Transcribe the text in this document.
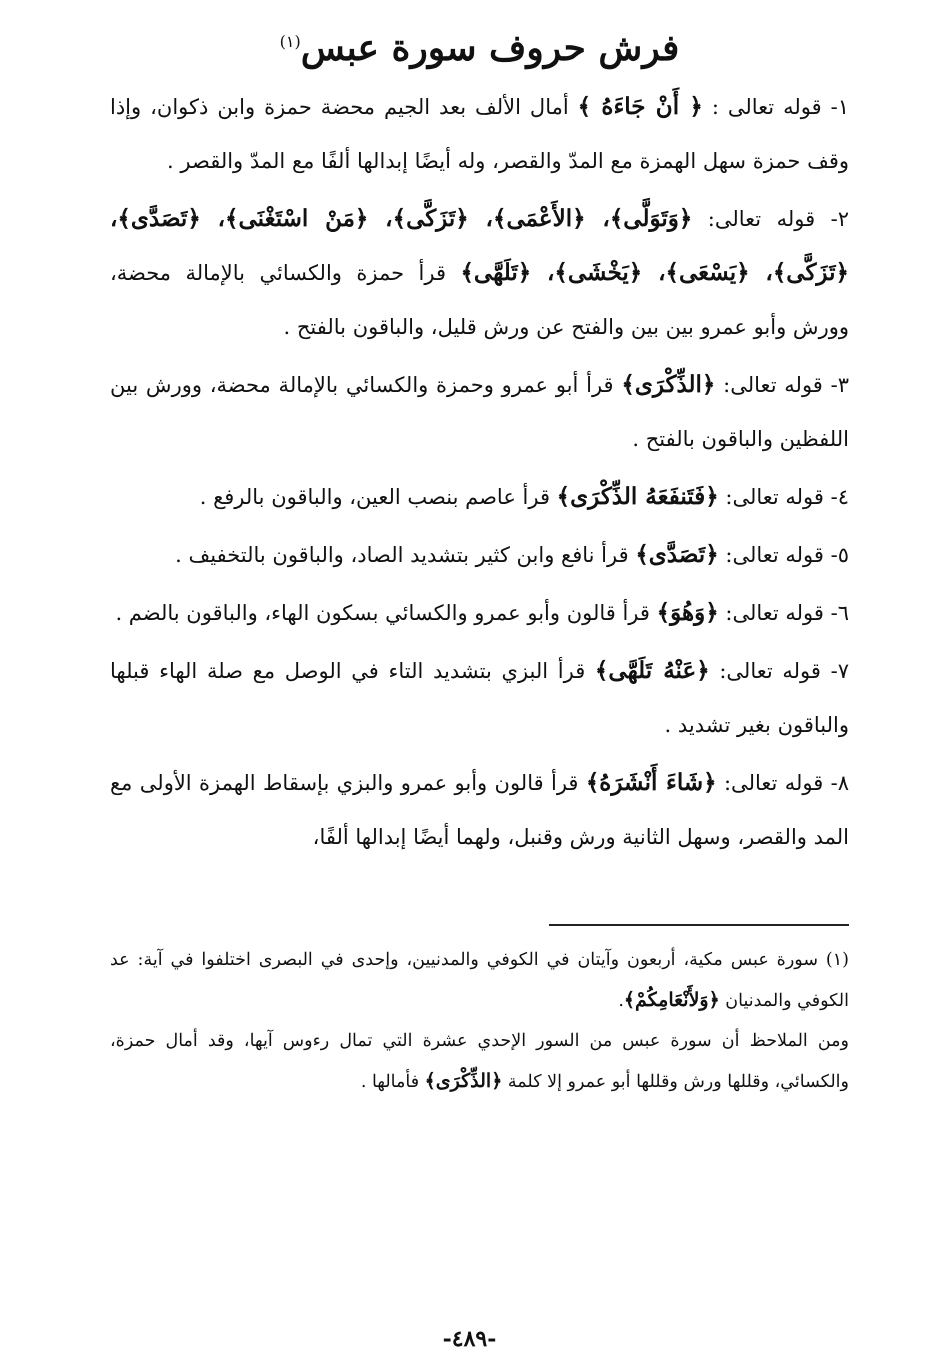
فرش حروف سورة عبس$^{(١)}$
١- قوله تعالى : ﴿ أَنْ جَاءَهُ ﴾ أمال الألف بعد الجيم محضة حمزة وابن ذكوان، وإذا وقف حمزة سهل الهمزة مع المدّ والقصر، وله أيضًا إبدالها ألفًا مع المدّ والقصر .
٢- قوله تعالى: ﴿وَتَوَلَّى﴾، ﴿الأَعْمَى﴾، ﴿تَزَكَّى﴾، ﴿مَنْ اسْتَغْنَى﴾، ﴿تَصَدَّى﴾، ﴿تَزَكَّى﴾، ﴿يَسْعَى﴾، ﴿يَخْشَى﴾، ﴿تَلَهَّى﴾ قرأ حمزة والكسائي بالإمالة محضة، وورش وأبو عمرو بين بين والفتح عن ورش قليل، والباقون بالفتح .
٣- قوله تعالى: ﴿الذِّكْرَى﴾ قرأ أبو عمرو وحمزة والكسائي بالإمالة محضة، وورش بين اللفظين والباقون بالفتح .
٤- قوله تعالى: ﴿فَتَنفَعَهُ الذِّكْرَى﴾ قرأ عاصم بنصب العين، والباقون بالرفع .
٥- قوله تعالى: ﴿تَصَدَّى﴾ قرأ نافع وابن كثير بتشديد الصاد، والباقون بالتخفيف .
٦- قوله تعالى: ﴿وَهُوَ﴾ قرأ قالون وأبو عمرو والكسائي بسكون الهاء، والباقون بالضم .
٧- قوله تعالى: ﴿عَنْهُ تَلَهَّى﴾ قرأ البزي بتشديد التاء في الوصل مع صلة الهاء قبلها والباقون بغير تشديد .
٨- قوله تعالى: ﴿شَاءَ أَنْشَرَهُ﴾ قرأ قالون وأبو عمرو والبزي بإسقاط الهمزة الأولى مع المد والقصر، وسهل الثانية ورش وقنبل، ولهما أيضًا إبدالها ألفًا،
(١) سورة عبس مكية، أربعون وآيتان في الكوفي والمدنيين، وإحدى في البصرى اختلفوا في آية: عد الكوفي والمدنيان ﴿وَلأَنْعَامِكُمْ﴾.
ومن الملاحظ أن سورة عبس من السور الإحدي عشرة التي تمال رءوس آيها، وقد أمال حمزة، والكسائي، وقللها ورش وقللها أبو عمرو إلا كلمة ﴿الذِّكْرَى﴾ فأمالها .
-٤٨٩-
